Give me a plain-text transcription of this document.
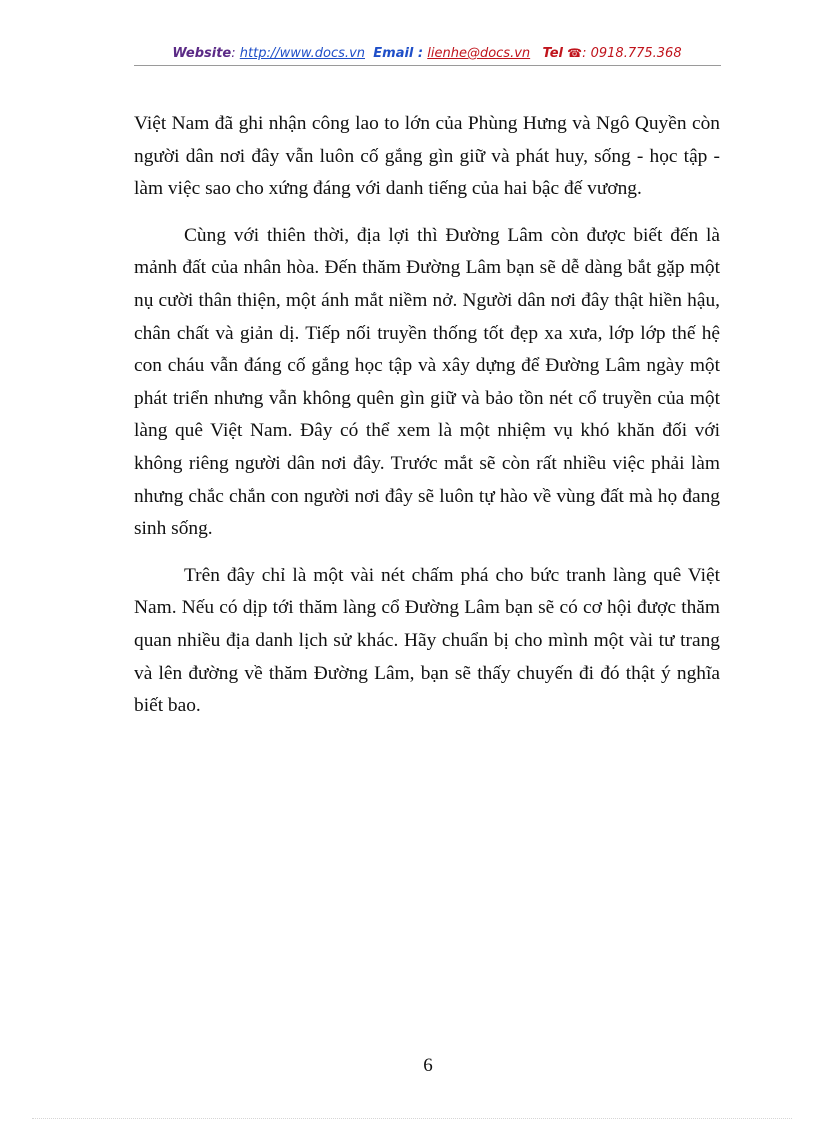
Website: http://www.docs.vn Email : lienhe@docs.vn Tel ☎: 0918.775.368

Việt Nam đã ghi nhận công lao to lớn của Phùng Hưng và Ngô Quyền còn người dân nơi đây vẫn luôn cố gắng gìn giữ và phát huy, sống - học tập - làm việc sao cho xứng đáng với danh tiếng của hai bậc đế vương.

Cùng với thiên thời, địa lợi thì Đường Lâm còn được biết đến là mảnh đất của nhân hòa. Đến thăm Đường Lâm bạn sẽ dễ dàng bắt gặp một nụ cười thân thiện, một ánh mắt niềm nở. Người dân nơi đây thật hiền hậu, chân chất và giản dị. Tiếp nối truyền thống tốt đẹp xa xưa, lớp lớp thế hệ con cháu vẫn đáng cố gắng học tập và xây dựng để Đường Lâm ngày một phát triển nhưng vẫn không quên gìn giữ và bảo tồn nét cổ truyền của một làng quê Việt Nam. Đây có thể xem là một nhiệm vụ khó khăn đối với không riêng người dân nơi đây. Trước mắt sẽ còn rất nhiều việc phải làm nhưng chắc chắn con người nơi đây sẽ luôn tự hào về vùng đất mà họ đang sinh sống.

Trên đây chỉ là một vài nét chấm phá cho bức tranh làng quê Việt Nam. Nếu có dịp tới thăm làng cổ Đường Lâm bạn sẽ có cơ hội được thăm quan nhiều địa danh lịch sử khác. Hãy chuẩn bị cho mình một vài tư trang và lên đường về thăm Đường Lâm, bạn sẽ thấy chuyến đi đó thật ý nghĩa biết bao.

6
